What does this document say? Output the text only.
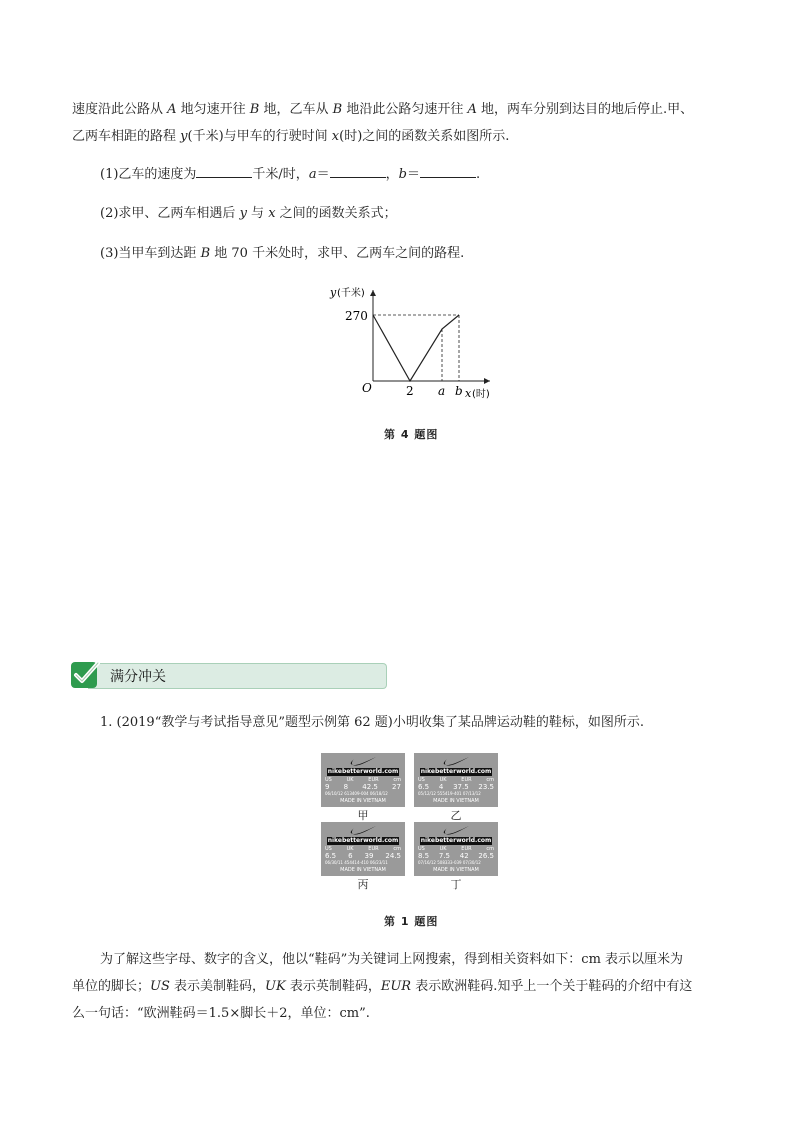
速度沿此公路从 A 地匀速开往 B 地，乙车从 B 地沿此公路匀速开往 A 地，两车分别到达目的地后停止.甲、
乙两车相距的路程 y(千米)与甲车的行驶时间 x(时)之间的函数关系如图所示.
(1)乙车的速度为	千米/时，a＝	，b＝	.
(2)求甲、乙两车相遇后 y 与 x 之间的函数关系式；
(3)当甲车到达距 B 地 70 千米处时，求甲、乙两车之间的路程.
y (千米)
270
O	2 a b x (时)
第 4 题图
满分冲关
1. (2019“教学与考试指导意见”题型示例第 62 题)小明收集了某品牌运动鞋的鞋标，如图所示.
nikebetterworld.com
US	UK	EUR	cm
9 8 42.5 27
06/10/12 613409-004 06/18/12
MADE IN VIETNAM
甲
nikebetterworld.com
US	UK	EUR	cm
6.5 4 37.5 23.5
05/12/12 555419-401 07/13/12
MADE IN VIETNAM
乙
nikebetterworld.com
US	UK	EUR	cm
6.5 6 39 24.5
06/30/11 454414-410 06/23/11
MADE IN VIETNAM
丙
nikebetterworld.com
US	UK	EUR	cm
8.5 7.5 42 26.5
07/16/12 508333-039 07/30/12
MADE IN VIETNAM
丁
第 1 题图
为了解这些字母、数字的含义，他以“鞋码”为关键词上网搜索，得到相关资料如下：cm 表示以厘米为
单位的脚长；US 表示美制鞋码，UK 表示英制鞋码，EUR 表示欧洲鞋码.知乎上一个关于鞋码的介绍中有这
么一句话：“欧洲鞋码＝1.5×脚长＋2，单位：cm”.
